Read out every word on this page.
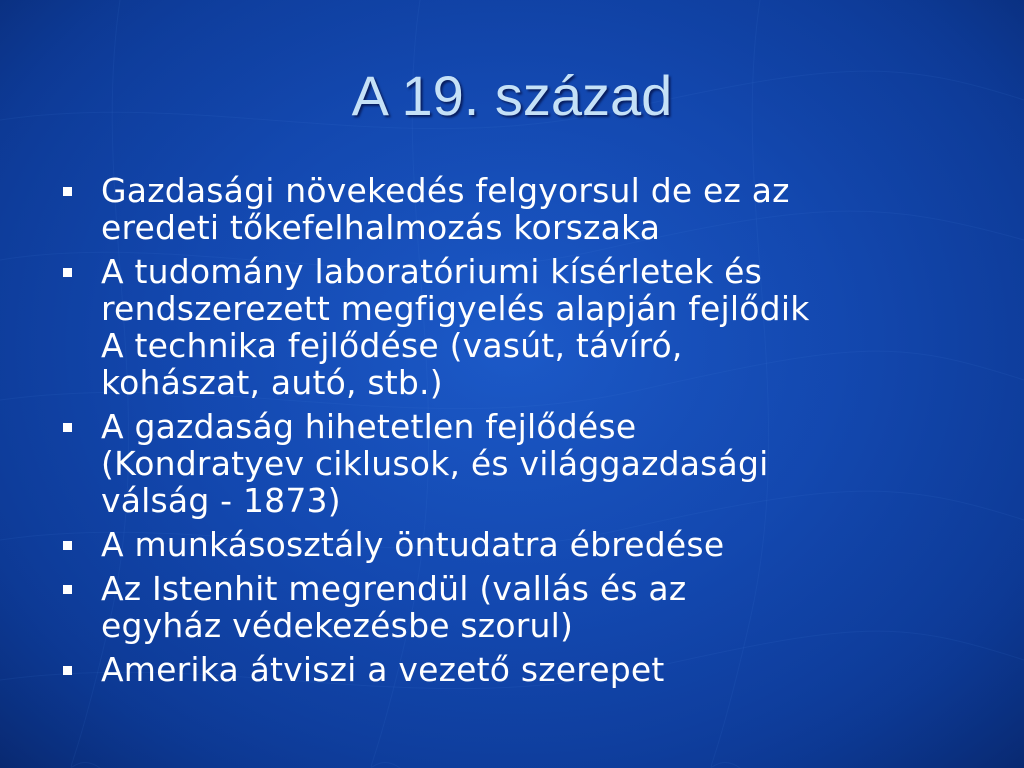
A 19. század
Gazdasági növekedés felgyorsul de ez az
eredeti tőkefelhalmozás korszaka
A tudomány laboratóriumi kísérletek és
rendszerezett megfigyelés alapján fejlődik
A technika fejlődése (vasút, távíró,
kohászat, autó, stb.)
A gazdaság hihetetlen fejlődése
(Kondratyev ciklusok, és világgazdasági
válság - 1873)
A munkásosztály öntudatra ébredése
Az Istenhit megrendül (vallás és az
egyház védekezésbe szorul)
Amerika átviszi a vezető szerepet
